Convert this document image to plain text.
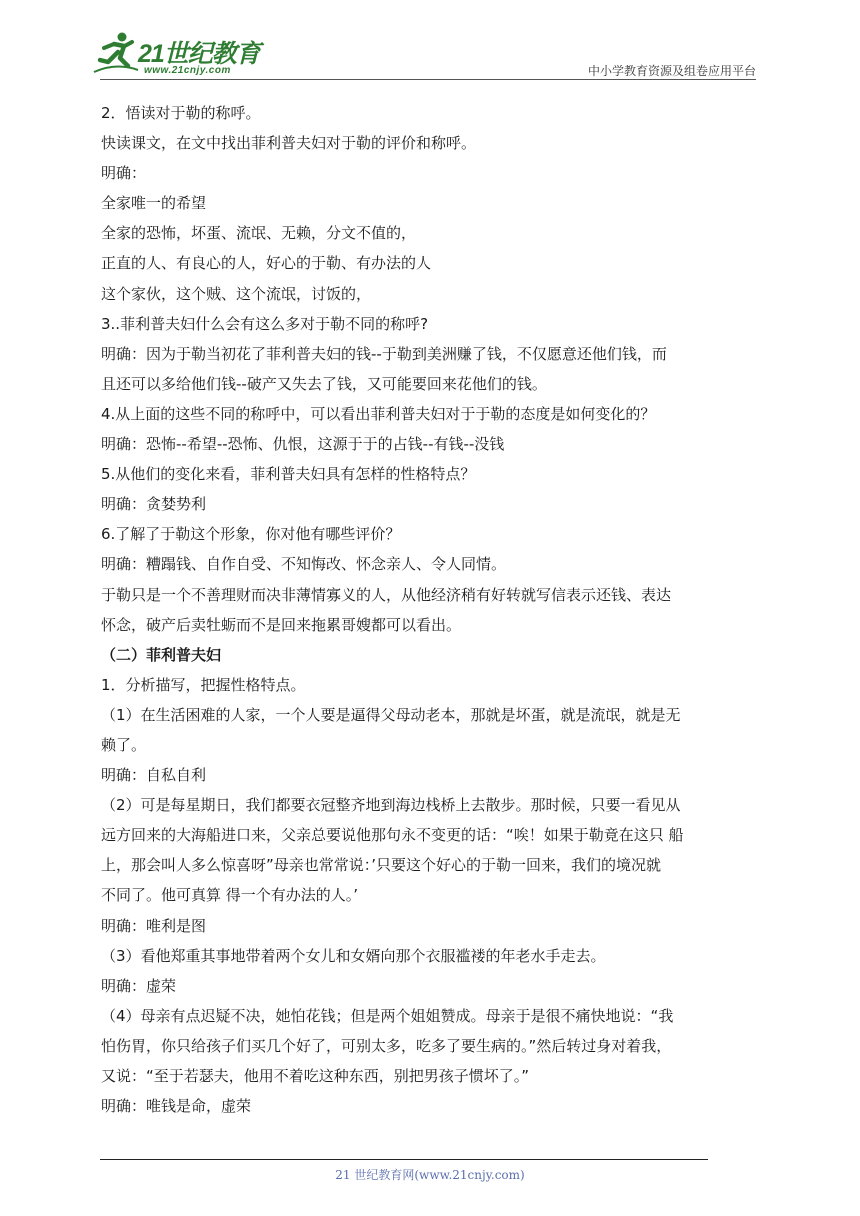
21世纪教育
www.21cnjy.com	中小学教育资源及组卷应用平台
2．悟读对于勒的称呼。
快读课文，在文中找出菲利普夫妇对于勒的评价和称呼。
明确：
全家唯一的希望
全家的恐怖，坏蛋、流氓、无赖，分文不值的，
正直的人、有良心的人，好心的于勒、有办法的人
这个家伙，这个贼、这个流氓，讨饭的，
3..菲利普夫妇什么会有这么多对于勒不同的称呼?
明确：因为于勒当初花了菲利普夫妇的钱--于勒到美洲赚了钱，不仅愿意还他们钱，而
且还可以多给他们钱--破产又失去了钱，又可能要回来花他们的钱。
4.从上面的这些不同的称呼中，可以看出菲利普夫妇对于于勒的态度是如何变化的？
明确：恐怖--希望--恐怖、仇恨，这源于于的占钱--有钱--没钱
5.从他们的变化来看，菲利普夫妇具有怎样的性格特点？
明确：贪婪势利
6.了解了于勒这个形象，你对他有哪些评价？
明确：糟蹋钱、自作自受、不知悔改、怀念亲人、令人同情。
于勒只是一个不善理财而决非薄情寡义的人，从他经济稍有好转就写信表示还钱、表达
怀念，破产后卖牡蛎而不是回来拖累哥嫂都可以看出。
（二）菲利普夫妇
1．分析描写，把握性格特点。
（1）在生活困难的人家，一个人要是逼得父母动老本，那就是坏蛋，就是流氓，就是无
赖了。
明确：自私自利
（2）可是每星期日，我们都要衣冠整齐地到海边栈桥上去散步。那时候，只要一看见从
远方回来的大海船进口来，父亲总要说他那句永不变更的话：“唉！如果于勒竟在这只 船
上，那会叫人多么惊喜呀”母亲也常常说：’只要这个好心的于勒一回来，我们的境况就
不同了。他可真算 得一个有办法的人。’
明确：唯利是图
（3）看他郑重其事地带着两个女儿和女婿向那个衣服褴褛的年老水手走去。
明确：虚荣
（4）母亲有点迟疑不决，她怕花钱；但是两个姐姐赞成。母亲于是很不痛快地说：“我
怕伤胃，你只给孩子们买几个好了，可别太多，吃多了要生病的。”然后转过身对着我，
又说：“至于若瑟夫，他用不着吃这种东西，别把男孩子惯坏了。”
明确：唯钱是命，虚荣
21 世纪教育网(www.21cnjy.com)
